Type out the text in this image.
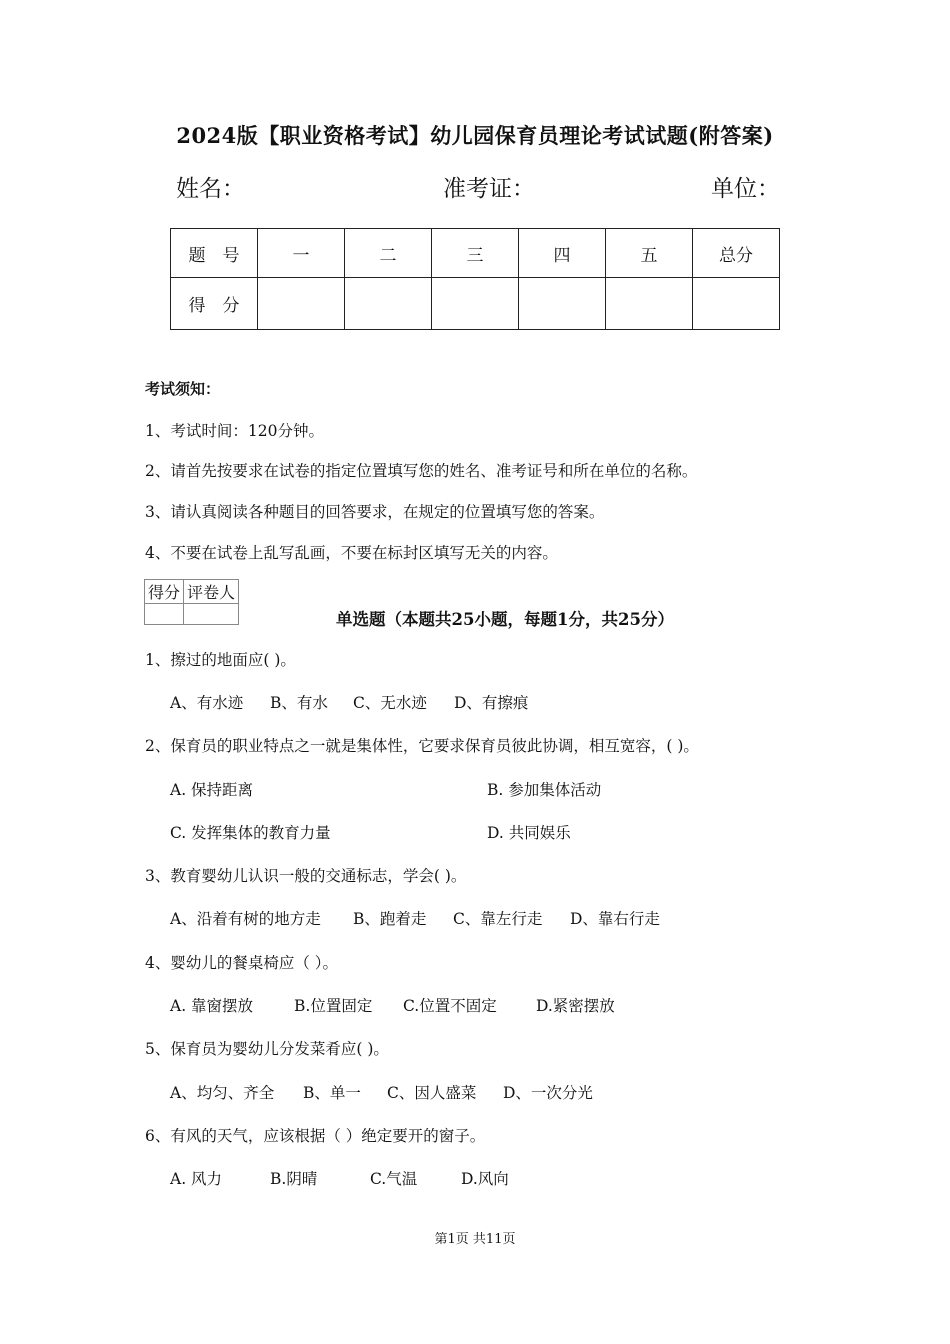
2024版【职业资格考试】幼儿园保育员理论考试试题(附答案)
姓名：	准考证：	单位：
题　号	一	二	三	四	五	总分
得　分						
考试须知：
1、考试时间：120分钟。
2、请首先按要求在试卷的指定位置填写您的姓名、准考证号和所在单位的名称。
3、请认真阅读各种题目的回答要求，在规定的位置填写您的答案。
4、不要在试卷上乱写乱画，不要在标封区填写无关的内容。
得分	评卷人

单选题（本题共25小题，每题1分，共25分）
1、擦过的地面应( )。
A、有水迹 B、有水 C、无水迹 D、有擦痕
2、保育员的职业特点之一就是集体性，它要求保育员彼此协调，相互宽容，( )。
A. 保持距离	B. 参加集体活动
C. 发挥集体的教育力量	D. 共同娱乐
3、教育婴幼儿认识一般的交通标志，学会( )。
A、沿着有树的地方走 B、跑着走 C、靠左行走 D、靠右行走
4、婴幼儿的餐桌椅应（ ）。
A. 靠窗摆放	B.位置固定 C.位置不固定	D.紧密摆放
5、保育员为婴幼儿分发菜肴应( )。
A、均匀、齐全 B、单一 C、因人盛菜 D、一次分光
6、有风的天气，应该根据（ ）绝定要开的窗子。
A. 风力	B.阴晴	C.气温	D.风向
第1页 共11页
